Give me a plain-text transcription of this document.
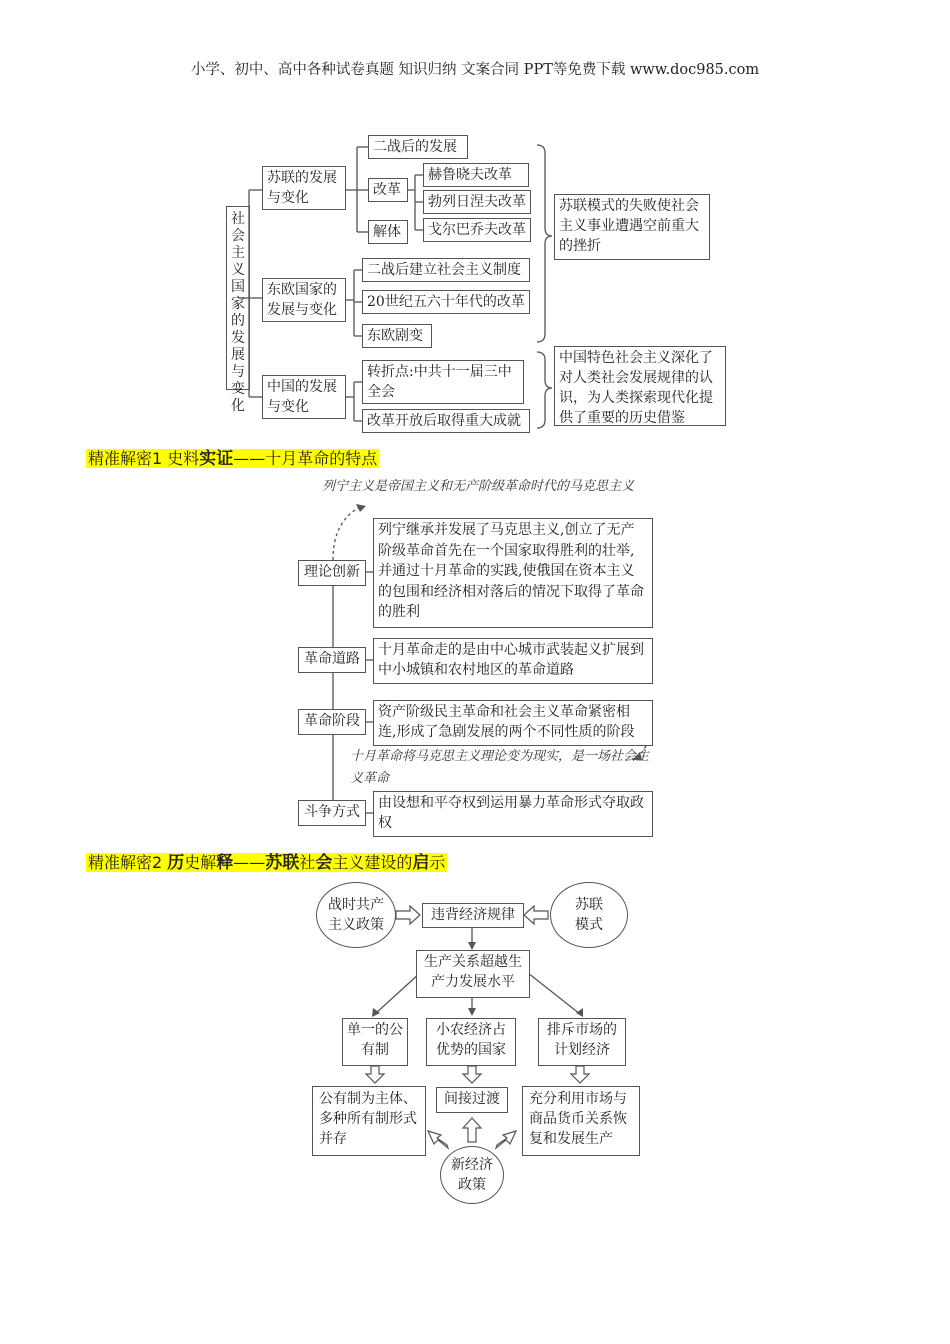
小学、初中、高中各种试卷真题 知识归纳 文案合同 PPT等免费下载 www.doc985.com
社会主义国家的发展与变化
苏联的发展与变化
二战后的发展
改革
解体
赫鲁晓夫改革
勃列日涅夫改革
戈尔巴乔夫改革
东欧国家的发展与变化
二战后建立社会主义制度
20世纪五六十年代的改革
东欧剧变
中国的发展与变化
转折点:中共十一届三中全会
改革开放后取得重大成就
苏联模式的失败使社会主义事业遭遇空前重大的挫折
中国特色社会主义深化了对人类社会发展规律的认识，为人类探索现代化提供了重要的历史借鉴
精准解密1 史料实证——十月革命的特点
列宁主义是帝国主义和无产阶级革命时代的马克思主义
理论创新
列宁继承并发展了马克思主义,创立了无产阶级革命首先在一个国家取得胜利的壮举,并通过十月革命的实践,使俄国在资本主义的包围和经济相对落后的情况下取得了革命的胜利
革命道路
十月革命走的是由中心城市武装起义扩展到中小城镇和农村地区的革命道路
革命阶段
资产阶级民主革命和社会主义革命紧密相连,形成了急剧发展的两个不同性质的阶段
十月革命将马克思主义理论变为现实，是一场社会主义革命
斗争方式
由设想和平夺权到运用暴力革命形式夺取政权
精准解密2 历史解释——苏联社会主义建设的启示
战时共产主义政策
苏联模式
违背经济规律
生产关系超越生产力发展水平
单一的公有制
小农经济占优势的国家
排斥市场的计划经济
公有制为主体、多种所有制形式并存
间接过渡	充分利用市场与商品货币关系恢复和发展生产
新经济政策
